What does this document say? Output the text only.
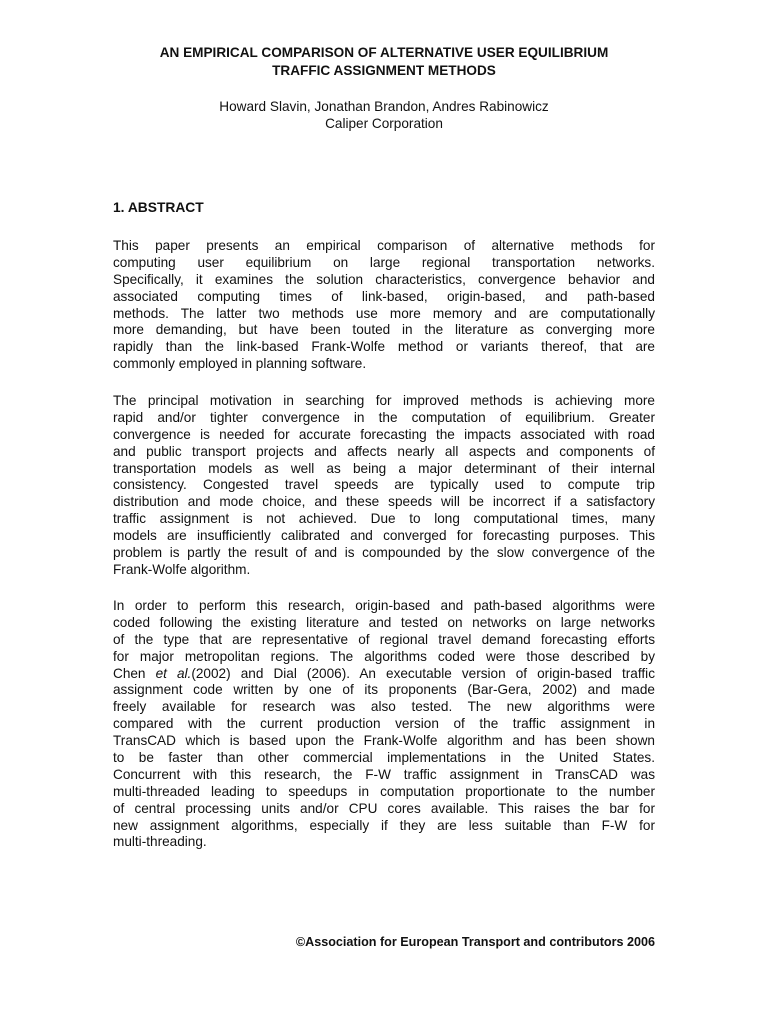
AN EMPIRICAL COMPARISON OF ALTERNATIVE USER EQUILIBRIUM
TRAFFIC ASSIGNMENT METHODS
Howard Slavin, Jonathan Brandon, Andres Rabinowicz
Caliper Corporation
1. ABSTRACT
This paper presents an empirical comparison of alternative methods for
computing user equilibrium on large regional transportation networks.
Specifically, it examines the solution characteristics, convergence behavior and
associated computing times of link-based, origin-based, and path-based
methods. The latter two methods use more memory and are computationally
more demanding, but have been touted in the literature as converging more
rapidly than the link-based Frank-Wolfe method or variants thereof, that are
commonly employed in planning software.
The principal motivation in searching for improved methods is achieving more
rapid and/or tighter convergence in the computation of equilibrium. Greater
convergence is needed for accurate forecasting the impacts associated with road
and public transport projects and affects nearly all aspects and components of
transportation models as well as being a major determinant of their internal
consistency. Congested travel speeds are typically used to compute trip
distribution and mode choice, and these speeds will be incorrect if a satisfactory
traffic assignment is not achieved. Due to long computational times, many
models are insufficiently calibrated and converged for forecasting purposes. This
problem is partly the result of and is compounded by the slow convergence of the
Frank-Wolfe algorithm.
In order to perform this research, origin-based and path-based algorithms were
coded following the existing literature and tested on networks on large networks
of the type that are representative of regional travel demand forecasting efforts
for major metropolitan regions. The algorithms coded were those described by
Chen et al.(2002) and Dial (2006). An executable version of origin-based traffic
assignment code written by one of its proponents (Bar-Gera, 2002) and made
freely available for research was also tested. The new algorithms were
compared with the current production version of the traffic assignment in
TransCAD which is based upon the Frank-Wolfe algorithm and has been shown
to be faster than other commercial implementations in the United States.
Concurrent with this research, the F-W traffic assignment in TransCAD was
multi-threaded leading to speedups in computation proportionate to the number
of central processing units and/or CPU cores available. This raises the bar for
new assignment algorithms, especially if they are less suitable than F-W for
multi-threading.
©Association for European Transport and contributors 2006
